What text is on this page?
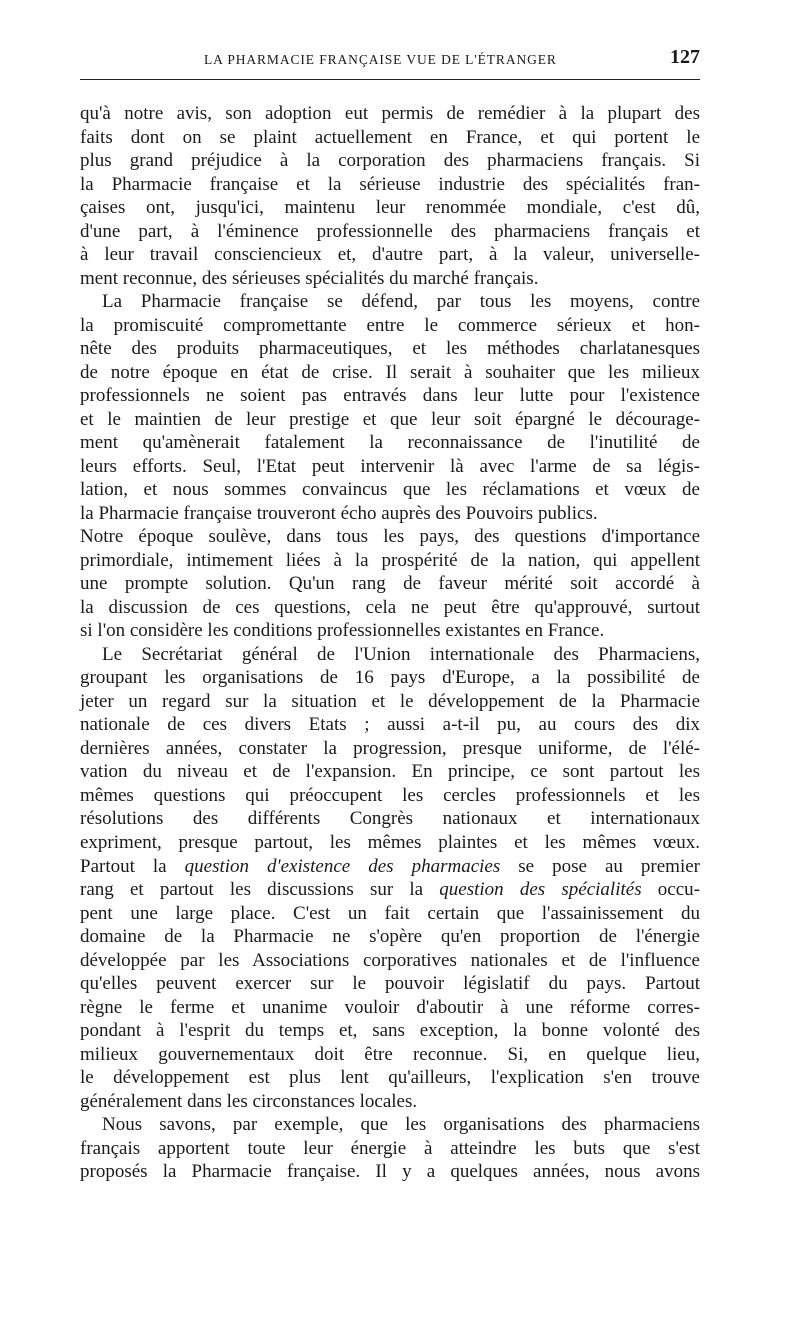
LA PHARMACIE FRANÇAISE VUE DE L'ÉTRANGER	127
qu'à notre avis, son adoption eut permis de remédier à la plupart des
faits dont on se plaint actuellement en France, et qui portent le
plus grand préjudice à la corporation des pharmaciens français. Si
la Pharmacie française et la sérieuse industrie des spécialités fran-
çaises ont, jusqu'ici, maintenu leur renommée mondiale, c'est dû,
d'une part, à l'éminence professionnelle des pharmaciens français et
à leur travail consciencieux et, d'autre part, à la valeur, universelle-
ment reconnue, des sérieuses spécialités du marché français.
La Pharmacie française se défend, par tous les moyens, contre
la promiscuité compromettante entre le commerce sérieux et hon-
nête des produits pharmaceutiques, et les méthodes charlatanesques
de notre époque en état de crise. Il serait à souhaiter que les milieux
professionnels ne soient pas entravés dans leur lutte pour l'existence
et le maintien de leur prestige et que leur soit épargné le décourage-
ment qu'amènerait fatalement la reconnaissance de l'inutilité de
leurs efforts. Seul, l'Etat peut intervenir là avec l'arme de sa légis-
lation, et nous sommes convaincus que les réclamations et vœux de
la Pharmacie française trouveront écho auprès des Pouvoirs publics.
Notre époque soulève, dans tous les pays, des questions d'importance
primordiale, intimement liées à la prospérité de la nation, qui appellent
une prompte solution. Qu'un rang de faveur mérité soit accordé à
la discussion de ces questions, cela ne peut être qu'approuvé, surtout
si l'on considère les conditions professionnelles existantes en France.
Le Secrétariat général de l'Union internationale des Pharmaciens,
groupant les organisations de 16 pays d'Europe, a la possibilité de
jeter un regard sur la situation et le développement de la Pharmacie
nationale de ces divers Etats ; aussi a-t-il pu, au cours des dix
dernières années, constater la progression, presque uniforme, de l'élé-
vation du niveau et de l'expansion. En principe, ce sont partout les
mêmes questions qui préoccupent les cercles professionnels et les
résolutions des différents Congrès nationaux et internationaux
expriment, presque partout, les mêmes plaintes et les mêmes vœux.
Partout la question d'existence des pharmacies se pose au premier
rang et partout les discussions sur la question des spécialités occu-
pent une large place. C'est un fait certain que l'assainissement du
domaine de la Pharmacie ne s'opère qu'en proportion de l'énergie
développée par les Associations corporatives nationales et de l'influence
qu'elles peuvent exercer sur le pouvoir législatif du pays. Partout
règne le ferme et unanime vouloir d'aboutir à une réforme corres-
pondant à l'esprit du temps et, sans exception, la bonne volonté des
milieux gouvernementaux doit être reconnue. Si, en quelque lieu,
le développement est plus lent qu'ailleurs, l'explication s'en trouve
généralement dans les circonstances locales.
Nous savons, par exemple, que les organisations des pharmaciens
français apportent toute leur énergie à atteindre les buts que s'est
proposés la Pharmacie française. Il y a quelques années, nous avons
